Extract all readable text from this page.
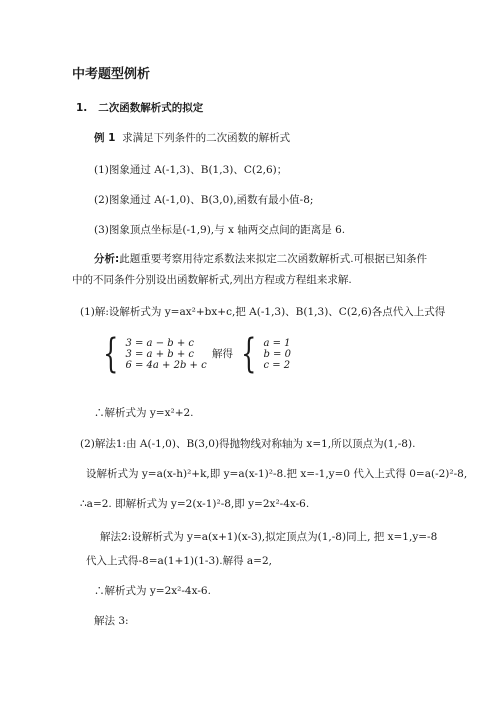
中考题型例析
1. 二次函数解析式的拟定
例 1 求满足下列条件的二次函数的解析式
(1)图象通过 A(-1,3)、B(1,3)、C(2,6)；
(2)图象通过 A(-1,0)、B(3,0),函数有最小值-8;
(3)图象顶点坐标是(-1,9),与 x 轴两交点间的距离是 6.
分析:此题重要考察用待定系数法来拟定二次函数解析式.可根据已知条件
中的不同条件分别设出函数解析式,列出方程或方程组来求解.
(1)解:设解析式为 y=ax²+bx+c,把 A(-1,3)、B(1,3)、C(2,6)各点代入上式得
{ 3 = a − b + c
3 = a + b + c
6 = 4a + 2b + c
解得 { a = 1
b = 0
c = 2
∴解析式为 y=x²+2.
(2)解法1:由 A(-1,0)、B(3,0)得抛物线对称轴为 x=1,所以顶点为(1,-8).
设解析式为 y=a(x-h)²+k,即 y=a(x-1)²-8.把 x=-1,y=0 代入上式得 0=a(-2)²-8,
∴a=2. 即解析式为 y=2(x-1)²-8,即 y=2x²-4x-6.
解法2:设解析式为 y=a(x+1)(x-3),拟定顶点为(1,-8)同上, 把 x=1,y=-8
代入上式得-8=a(1+1)(1-3).解得 a=2,
∴解析式为 y=2x²-4x-6.
解法 3:
